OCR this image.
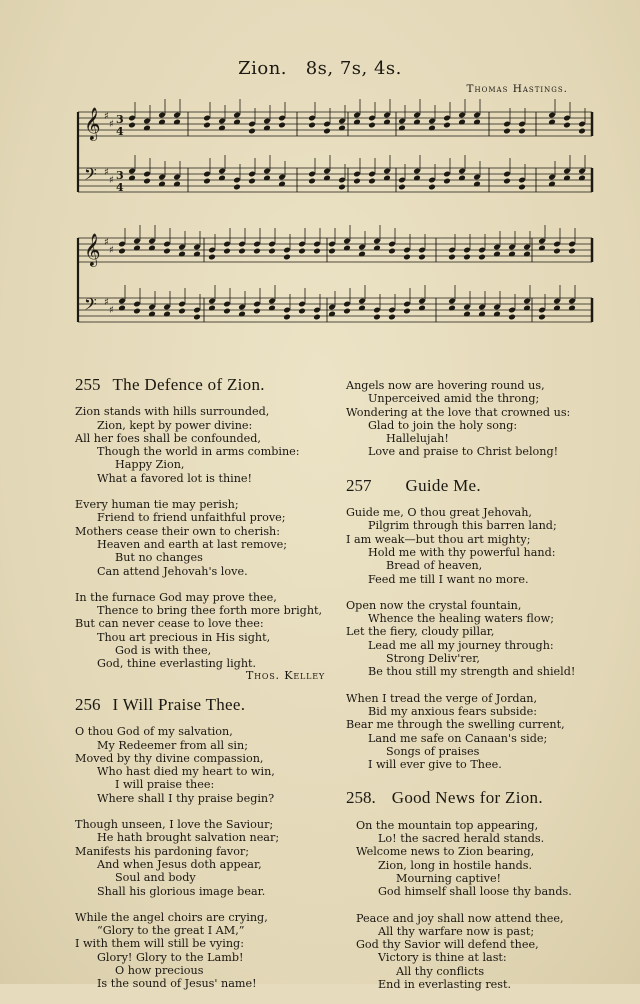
Zion. 8s, 7s, 4s.
Thomas Hastings.
𝄞 ♯
♯ 3
4
𝄢 ♯
♯ 3
4
𝄞 ♯
♯
𝄢 ♯
♯
255 The Defence of Zion.
Zion stands with hills surrounded,
Zion, kept by power divine:
All her foes shall be confounded,
Though the world in arms combine:
Happy Zion,
What a favored lot is thine!
Every human tie may perish;
Friend to friend unfaithful prove;
Mothers cease their own to cherish:
Heaven and earth at last remove;
But no changes
Can attend Jehovah's love.
In the furnace God may prove thee,
Thence to bring thee forth more bright,
But can never cease to love thee:
Thou art precious in His sight,
God is with thee,
God, thine everlasting light.
Thos. Kelley
256 I Will Praise Thee.
O thou God of my salvation,
My Redeemer from all sin;
Moved by thy divine compassion,
Who hast died my heart to win,
I will praise thee:
Where shall I thy praise begin?
Though unseen, I love the Saviour;
He hath brought salvation near;
Manifests his pardoning favor;
And when Jesus doth appear,
Soul and body
Shall his glorious image bear.
While the angel choirs are crying,
“Glory to the great I AM,”
I with them will still be vying:
Glory! Glory to the Lamb!
O how precious
Is the sound of Jesus' name!
Angels now are hovering round us,
Unperceived amid the throng;
Wondering at the love that crowned us:
Glad to join the holy song:
Hallelujah!
Love and praise to Christ belong!
257 Guide Me.
Guide me, O thou great Jehovah,
Pilgrim through this barren land;
I am weak—but thou art mighty;
Hold me with thy powerful hand:
Bread of heaven,
Feed me till I want no more.
Open now the crystal fountain,
Whence the healing waters flow;
Let the fiery, cloudy pillar,
Lead me all my journey through:
Strong Deliv'rer,
Be thou still my strength and shield!
When I tread the verge of Jordan,
Bid my anxious fears subside:
Bear me through the swelling current,
Land me safe on Canaan's side;
Songs of praises
I will ever give to Thee.
258. Good News for Zion.
On the mountain top appearing,
Lo! the sacred herald stands.
Welcome news to Zion bearing,
Zion, long in hostile hands.
Mourning captive!
God himself shall loose thy bands.
Peace and joy shall now attend thee,
All thy warfare now is past;
God thy Savior will defend thee,
Victory is thine at last:
All thy conflicts
End in everlasting rest.
